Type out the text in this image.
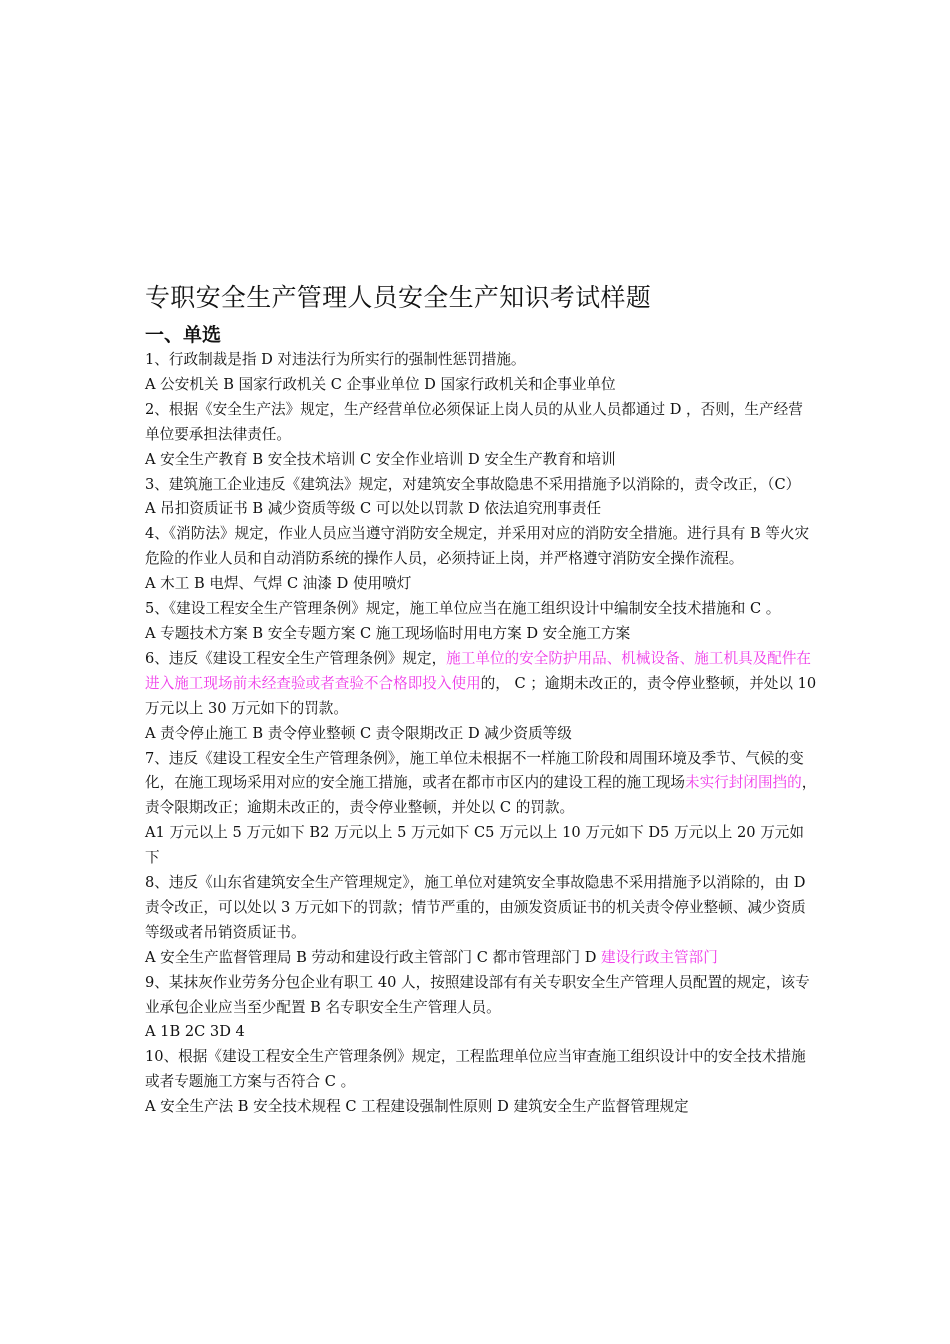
专职安全生产管理人员安全生产知识考试样题
一、单选

1、行政制裁是指 D 对违法行为所实行的强制性惩罚措施。

A 公安机关 B 国家行政机关 C 企事业单位 D 国家行政机关和企事业单位

2、根据《安全生产法》规定，生产经营单位必须保证上岗人员的从业人员都通过 D ，否则，生产经营单位要承担法律责任。

A 安全生产教育 B 安全技术培训 C 安全作业培训 D 安全生产教育和培训

3、建筑施工企业违反《建筑法》规定，对建筑安全事故隐患不采用措施予以消除的，责令改正，（C）

A 吊扣资质证书 B 减少资质等级 C 可以处以罚款 D 依法追究刑事责任

4、《消防法》规定，作业人员应当遵守消防安全规定，并采用对应的消防安全措施。进行具有 B 等火灾危险的作业人员和自动消防系统的操作人员，必须持证上岗，并严格遵守消防安全操作流程。

A 木工 B 电焊、气焊 C 油漆 D 使用喷灯

5、《建设工程安全生产管理条例》规定，施工单位应当在施工组织设计中编制安全技术措施和 C 。

A 专题技术方案 B 安全专题方案 C 施工现场临时用电方案 D 安全施工方案

6、违反《建设工程安全生产管理条例》规定，施工单位的安全防护用品、机械设备、施工机具及配件在进入施工现场前未经查验或者查验不合格即投入使用的， C ；逾期未改正的，责令停业整顿，并处以 10 万元以上 30 万元如下的罚款。

A 责令停止施工 B 责令停业整顿 C 责令限期改正 D 减少资质等级

7、违反《建设工程安全生产管理条例》，施工单位未根据不一样施工阶段和周围环境及季节、气候的变化，在施工现场采用对应的安全施工措施，或者在都市市区内的建设工程的施工现场未实行封闭围挡的，责令限期改正；逾期未改正的，责令停业整顿，并处以 C 的罚款。

A1 万元以上 5 万元如下 B2 万元以上 5 万元如下 C5 万元以上 10 万元如下 D5 万元以上 20 万元如下

8、违反《山东省建筑安全生产管理规定》，施工单位对建筑安全事故隐患不采用措施予以消除的，由 D 责令改正，可以处以 3 万元如下的罚款；情节严重的，由颁发资质证书的机关责令停业整顿、减少资质等级或者吊销资质证书。

A 安全生产监督管理局 B 劳动和建设行政主管部门 C 都市管理部门 D 建设行政主管部门

9、某抹灰作业劳务分包企业有职工 40 人，按照建设部有有关专职安全生产管理人员配置的规定，该专业承包企业应当至少配置 B 名专职安全生产管理人员。

A 1B 2C 3D 4

10、根据《建设工程安全生产管理条例》规定，工程监理单位应当审查施工组织设计中的安全技术措施或者专题施工方案与否符合 C 。

A 安全生产法 B 安全技术规程 C 工程建设强制性原则 D 建筑安全生产监督管理规定
